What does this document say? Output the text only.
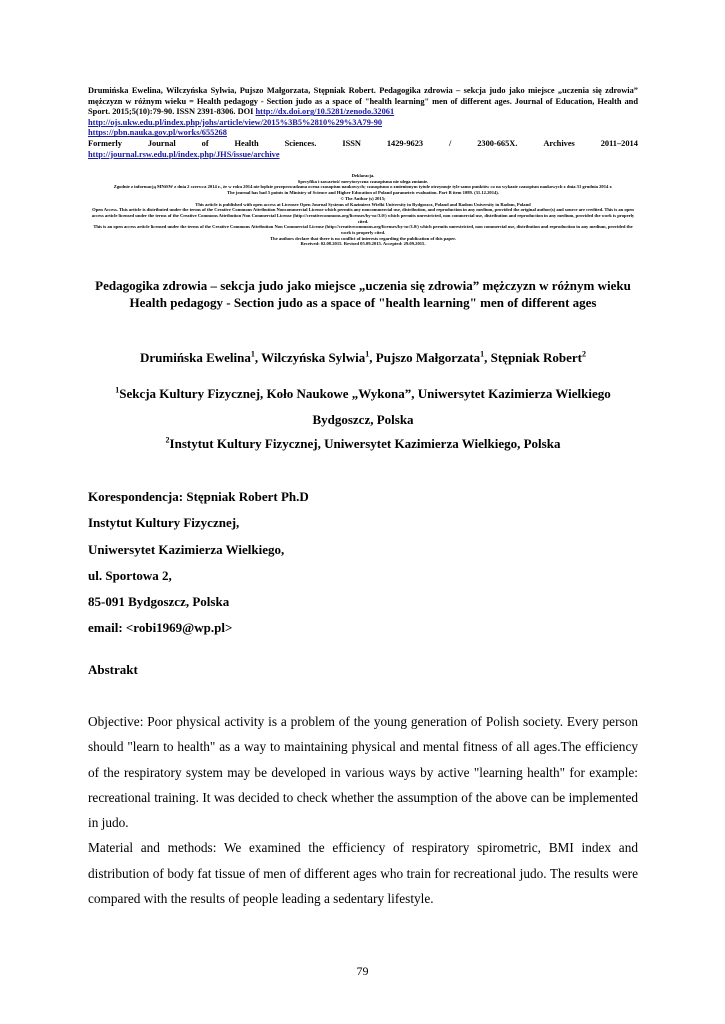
Drumińska Ewelina, Wilczyńska Sylwia, Pujszo Małgorzata, Stępniak Robert. Pedagogika zdrowia – sekcja judo jako miejsce „uczenia się zdrowia” mężczyzn w różnym wieku = Health pedagogy - Section judo as a space of "health learning" men of different ages. Journal of Education, Health and Sport. 2015;5(10):79-90. ISSN 2391-8306. DOI http://dx.doi.org/10.5281/zenodo.32061
http://ojs.ukw.edu.pl/index.php/johs/article/view/2015%3B5%2810%29%3A79-90
https://pbn.nauka.gov.pl/works/655268
Formerly	Journal	of	Health	Sciences.	ISSN	1429-9623	/	2300-665X.	Archives	2011–2014
http://journal.rsw.edu.pl/index.php/JHS/issue/archive
Deklaracja.
Specyfika i zawartość merytoryczna czasopisma nie ulega zmianie.
Zgodnie z informacją MNiSW z dnia 2 czerwca 2014 r., że w roku 2014 nie będzie przeprowadzana ocena czasopism naukowych; czasopismo o zmienionym tytule otrzymuje tyle samo punktów co na wykazie czasopism naukowych z dnia 31 grudnia 2014 r.
The journal has had 5 points in Ministry of Science and Higher Education of Poland parametric evaluation. Part B item 1089. (31.12.2014).
© The Author (s) 2015;
This article is published with open access at Licensee Open Journal Systems of Kazimierz Wielki University in Bydgoszcz, Poland and Radom University in Radom, Poland
Open Access. This article is distributed under the terms of the Creative Commons Attribution Noncommercial License which permits any noncommercial use, distribution, and reproduction in any medium, provided the original author(s) and source are credited. This is an open access article licensed under the terms of the Creative Commons Attribution Non Commercial License (http://creativecommons.org/licenses/by-nc/3.0/) which permits unrestricted, non commercial use, distribution and reproduction in any medium, provided the work is properly cited.
This is an open access article licensed under the terms of the Creative Commons Attribution Non Commercial License (http://creativecommons.org/licenses/by-nc/3.0/) which permits unrestricted, non commercial use, distribution and reproduction in any medium, provided the work is properly cited.
The authors declare that there is no conflict of interests regarding the publication of this paper.
Received: 02.08.2015. Revised 05.09.2015. Accepted: 29.09.2015.
Pedagogika zdrowia – sekcja judo jako miejsce „uczenia się zdrowia” mężczyzn w różnym wieku
Health pedagogy - Section judo as a space of "health learning" men of different ages
Drumińska Ewelina$^1$, Wilczyńska Sylwia$^1$, Pujszo Małgorzata$^1$, Stępniak Robert$^2$
$^1$Sekcja Kultury Fizycznej, Koło Naukowe „Wykona”, Uniwersytet Kazimierza Wielkiego Bydgoszcz, Polska
$^2$Instytut Kultury Fizycznej, Uniwersytet Kazimierza Wielkiego, Polska
Korespondencja: Stępniak Robert Ph.D
Instytut Kultury Fizycznej,
Uniwersytet Kazimierza Wielkiego,
ul. Sportowa 2,
85-091 Bydgoszcz, Polska
email: <robi1969@wp.pl>
Abstrakt

Objective: Poor physical activity is a problem of the young generation of Polish society. Every person should "learn to health" as a way to maintaining physical and mental fitness of all ages.The efficiency of the respiratory system may be developed in various ways by active "learning health" for example: recreational training. It was decided to check whether the assumption of the above can be implemented in judo.

Material and methods: We examined the efficiency of respiratory spirometric, BMI index and distribution of body fat tissue of men of different ages who train for recreational judo. The results were compared with the results of people leading a sedentary lifestyle.

79
